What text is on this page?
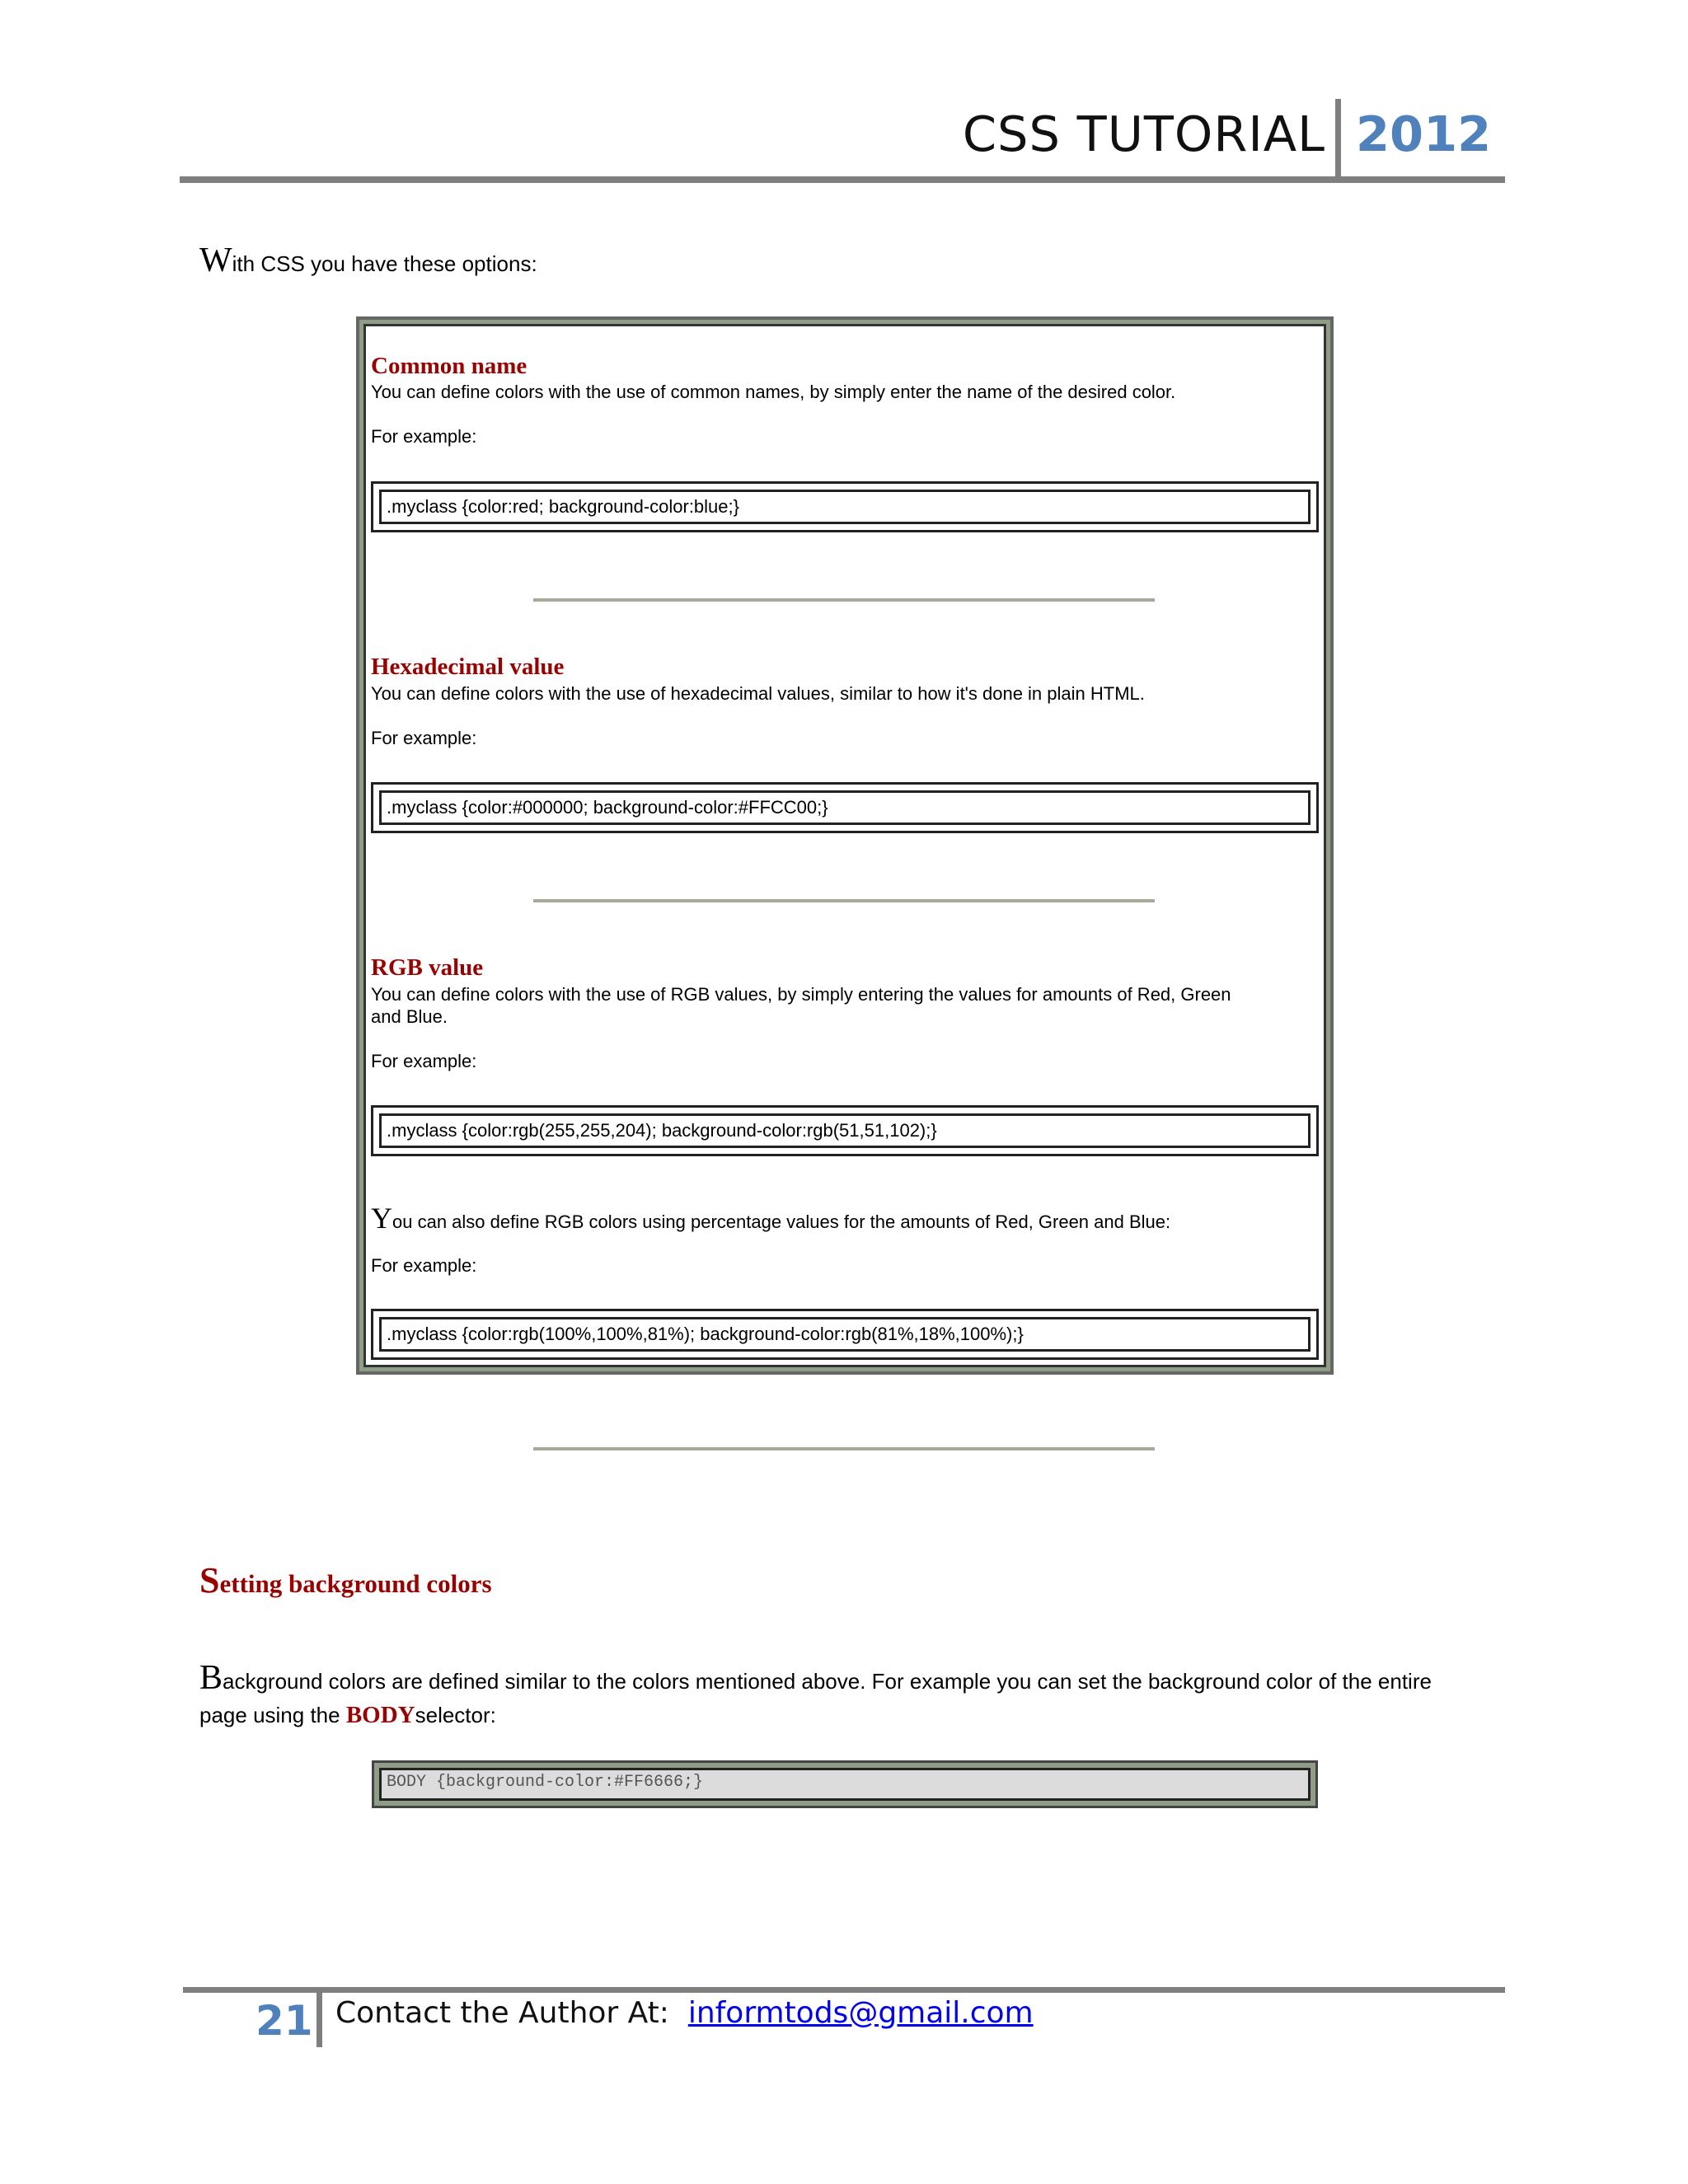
CSS TUTORIAL 2012
With CSS you have these options:
Common name
You can define colors with the use of common names, by simply enter the name of the desired color.
For example:
.myclass {color:red; background-color:blue;}
Hexadecimal value
You can define colors with the use of hexadecimal values, similar to how it's done in plain HTML.
For example:
.myclass {color:#000000; background-color:#FFCC00;}
RGB value
You can define colors with the use of RGB values, by simply entering the values for amounts of Red, Green
and Blue.
For example:
.myclass {color:rgb(255,255,204); background-color:rgb(51,51,102);}
You can also define RGB colors using percentage values for the amounts of Red, Green and Blue:
For example:
.myclass {color:rgb(100%,100%,81%); background-color:rgb(81%,18%,100%);}
Setting background colors
Background colors are defined similar to the colors mentioned above. For example you can set the background color of the entire
page using the BODYselector:
BODY {background-color:#FF6666;}
21 Contact the Author At: informtods@gmail.com
